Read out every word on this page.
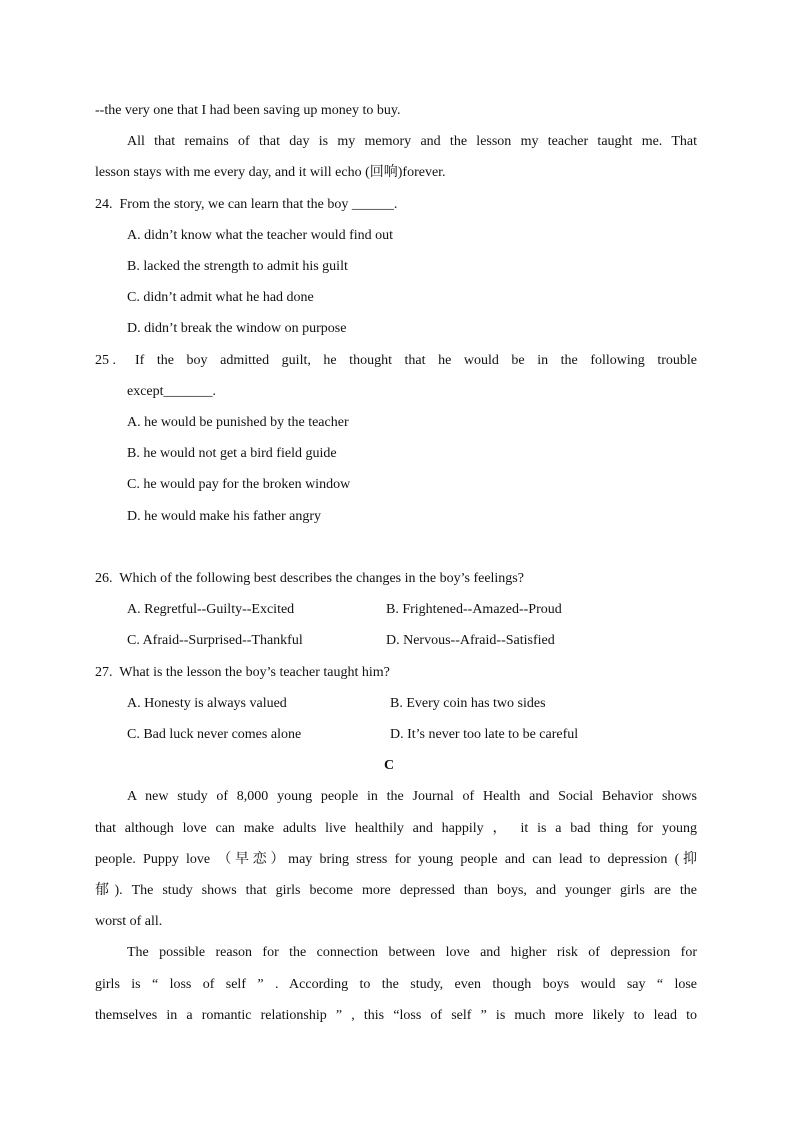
--the very one that I had been saving up money to buy.
All that remains of that day is my memory and the lesson my teacher taught me. That
lesson stays with me every day, and it will echo (回响)forever.
24. From the story, we can learn that the boy ______.
A. didn’t know what the teacher would find out
B. lacked the strength to admit his guilt
C. didn’t admit what he had done
D. didn’t break the window on purpose
25 . If the boy admitted guilt, he thought that he would be in the following trouble
except_______.
A. he would be punished by the teacher
B. he would not get a bird field guide
C. he would pay for the broken window
D. he would make his father angry
26. Which of the following best describes the changes in the boy’s feelings?
A. Regretful--Guilty--Excited	B. Frightened--Amazed--Proud
C. Afraid--Surprised--Thankful	D. Nervous--Afraid--Satisfied
27. What is the lesson the boy’s teacher taught him?
A. Honesty is always valued	B. Every coin has two sides
C. Bad luck never comes alone	D. It’s never too late to be careful
C
A new study of 8,000 young people in the Journal of Health and Social Behavior shows
that although love can make adults live healthily and happily ， it is a bad thing for young
people. Puppy love （早恋）may bring stress for young people and can lead to depression (抑
郁). The study shows that girls become more depressed than boys, and younger girls are the
worst of all.
The possible reason for the connection between love and higher risk of depression for
girls is “ loss of self ” . According to the study, even though boys would say “ lose
themselves in a romantic relationship ” , this “loss of self ” is much more likely to lead to
